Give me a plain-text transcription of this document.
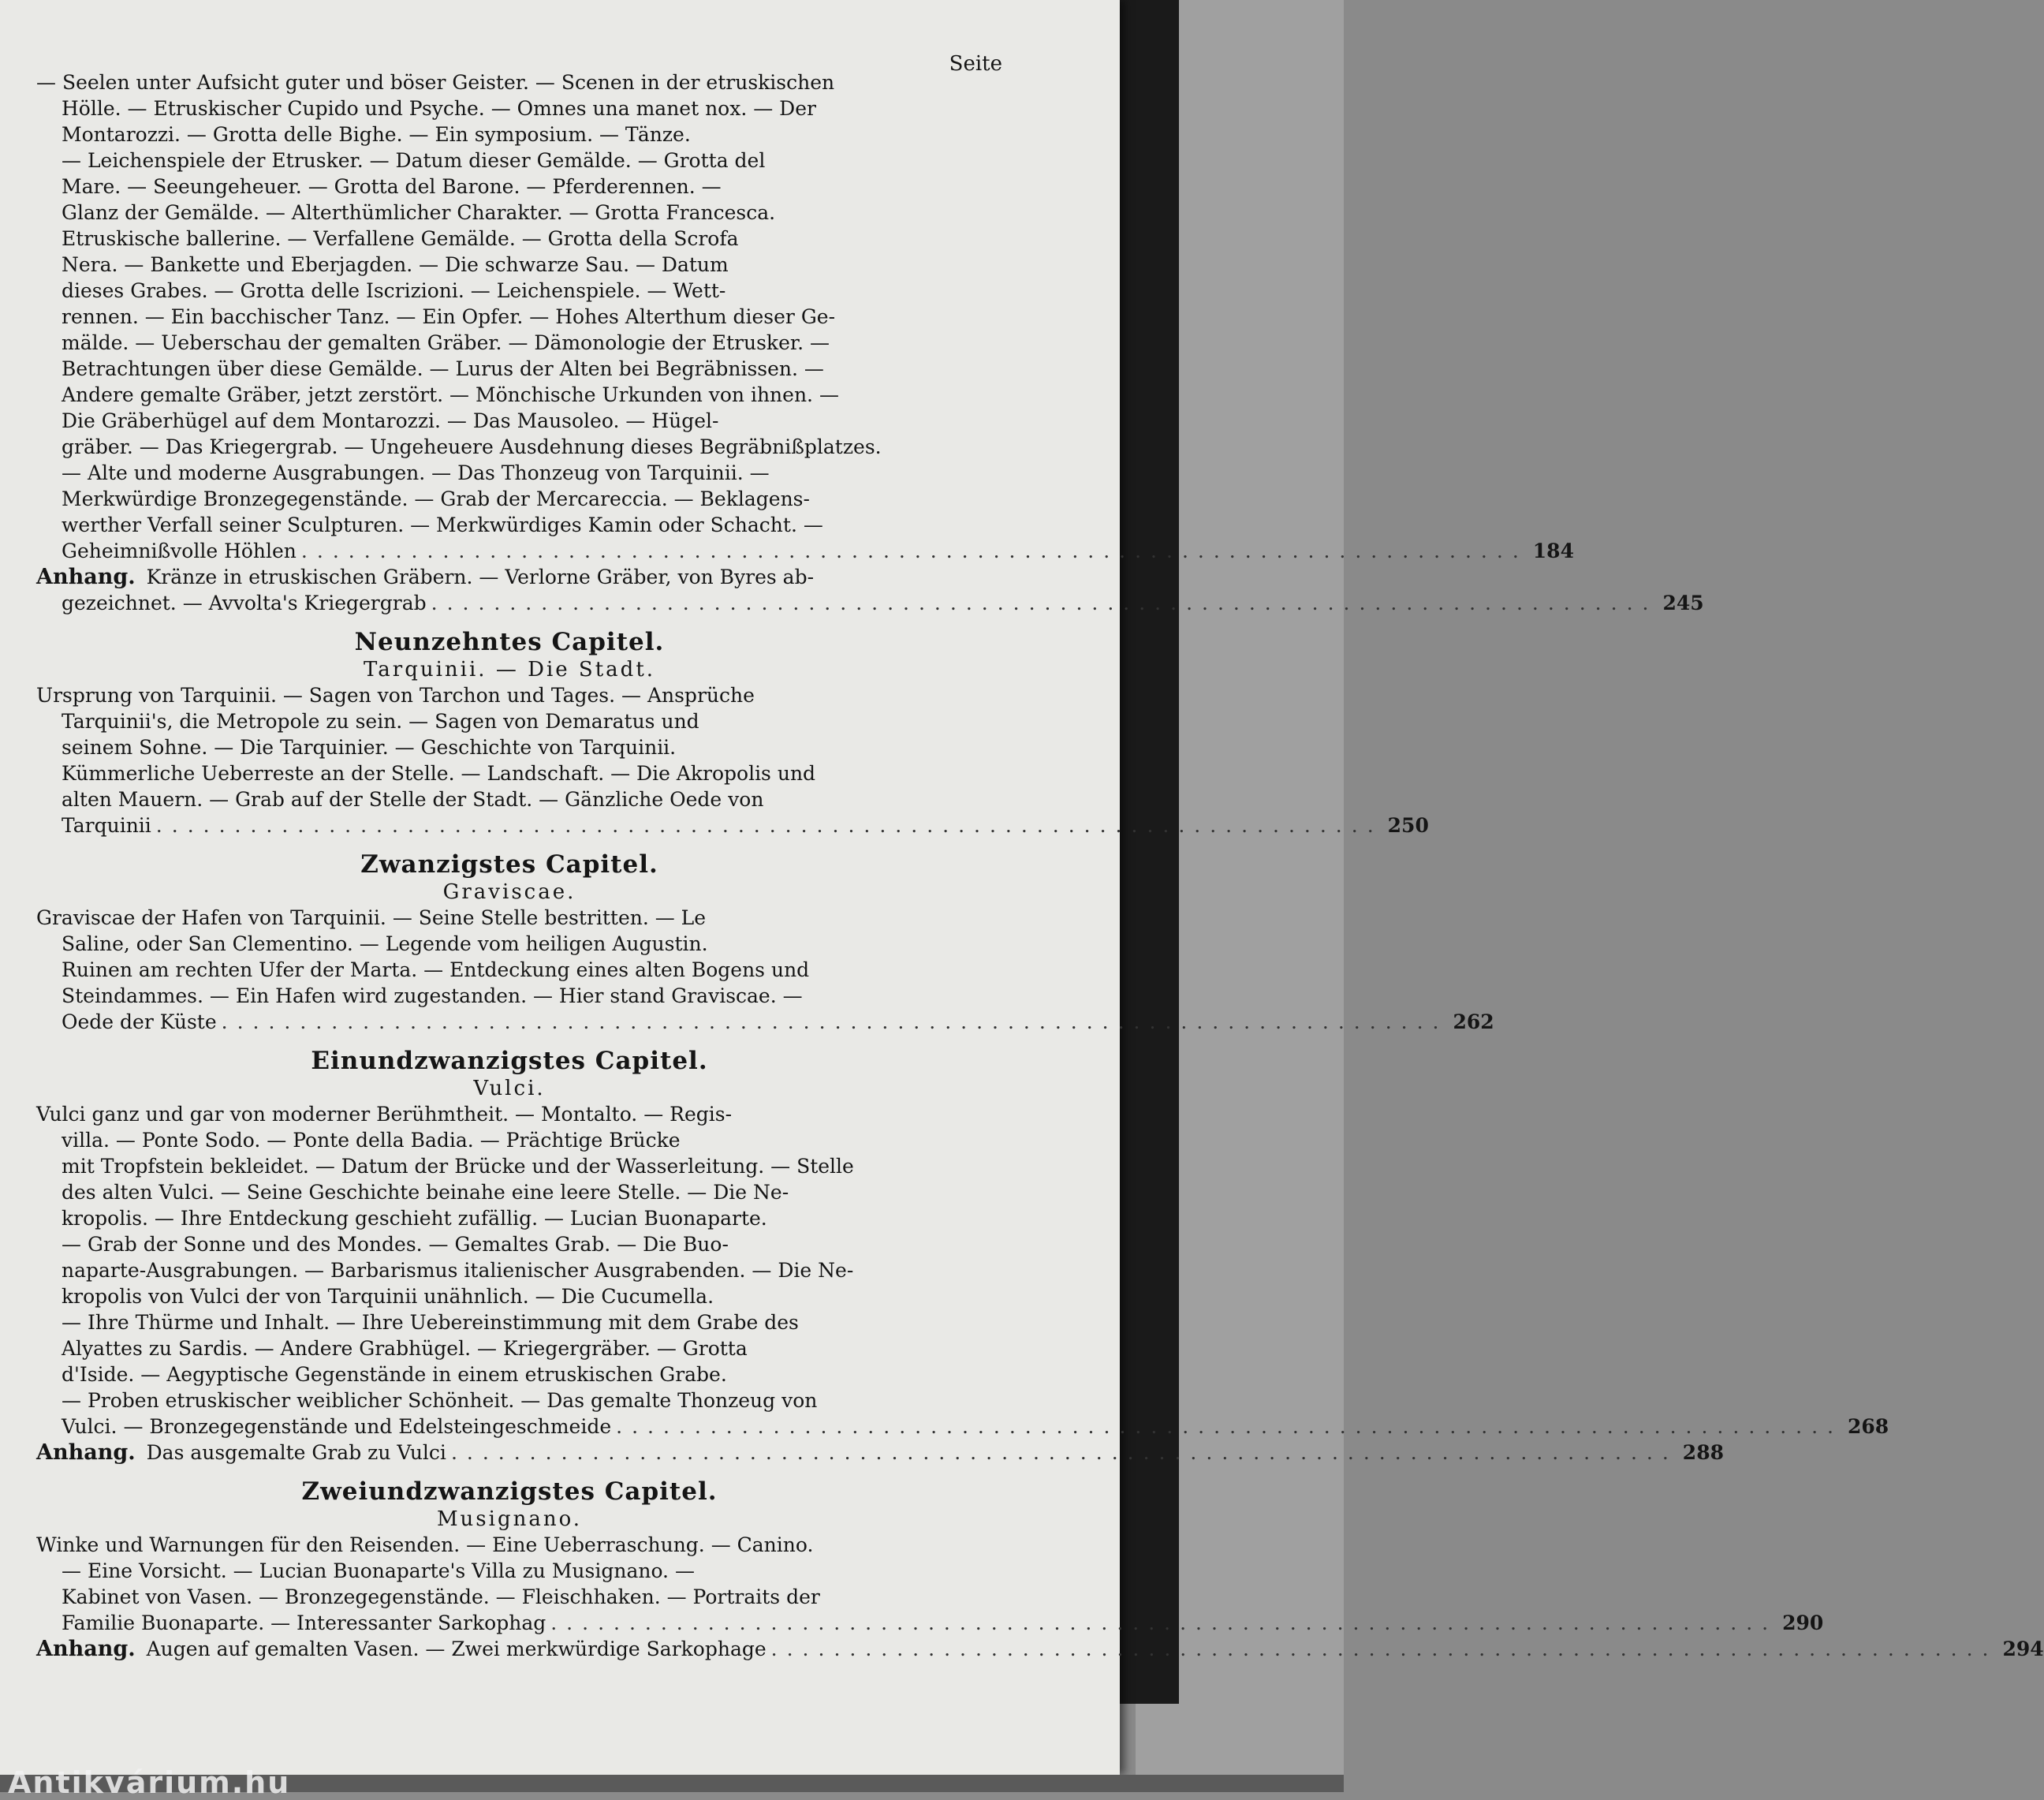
Seite
— Seelen unter Aufsicht guter und böser Geister. — Scenen in der etruskischen
Hölle. — Etruskischer Cupido und Psyche. — Omnes una manet nox. — Der
Montarozzi. — Grotta delle Bighe. — Ein symposium. — Tänze.
— Leichenspiele der Etrusker. — Datum dieser Gemälde. — Grotta del
Mare. — Seeungeheuer. — Grotta del Barone. — Pferderennen. —
Glanz der Gemälde. — Alterthümlicher Charakter. — Grotta Francesca.
Etruskische ballerine. — Verfallene Gemälde. — Grotta della Scrofa
Nera. — Bankette und Eberjagden. — Die schwarze Sau. — Datum
dieses Grabes. — Grotta delle Iscrizioni. — Leichenspiele. — Wett-
rennen. — Ein bacchischer Tanz. — Ein Opfer. — Hohes Alterthum dieser Ge-
mälde. — Ueberschau der gemalten Gräber. — Dämonologie der Etrusker. —
Betrachtungen über diese Gemälde. — Lurus der Alten bei Begräbnissen. —
Andere gemalte Gräber, jetzt zerstört. — Mönchische Urkunden von ihnen. —
Die Gräberhügel auf dem Montarozzi. — Das Mausoleo. — Hügel-
gräber. — Das Kriegergrab. — Ungeheuere Ausdehnung dieses Begräbnißplatzes.
— Alte und moderne Ausgrabungen. — Das Thonzeug von Tarquinii. —
Merkwürdige Bronzegegenstände. — Grab der Mercareccia. — Beklagens-
werther Verfall seiner Sculpturen. — Merkwürdiges Kamin oder Schacht. —
Geheimnißvolle Höhlen .............................................................................. 184
Anhang. Kränze in etruskischen Gräbern. — Verlorne Gräber, von Byres ab-
gezeichnet. — Avvolta's Kriegergrab .............................................................................. 245
Neunzehntes Capitel.
Tarquinii. — Die Stadt.
Ursprung von Tarquinii. — Sagen von Tarchon und Tages. — Ansprüche
Tarquinii's, die Metropole zu sein. — Sagen von Demaratus und
seinem Sohne. — Die Tarquinier. — Geschichte von Tarquinii.
Kümmerliche Ueberreste an der Stelle. — Landschaft. — Die Akropolis und
alten Mauern. — Grab auf der Stelle der Stadt. — Gänzliche Oede von
Tarquinii .............................................................................. 250
Zwanzigstes Capitel.
Graviscae.
Graviscae der Hafen von Tarquinii. — Seine Stelle bestritten. — Le
Saline, oder San Clementino. — Legende vom heiligen Augustin.
Ruinen am rechten Ufer der Marta. — Entdeckung eines alten Bogens und
Steindammes. — Ein Hafen wird zugestanden. — Hier stand Graviscae. —
Oede der Küste .............................................................................. 262
Einundzwanzigstes Capitel.
Vulci.
Vulci ganz und gar von moderner Berühmtheit. — Montalto. — Regis-
villa. — Ponte Sodo. — Ponte della Badia. — Prächtige Brücke
mit Tropfstein bekleidet. — Datum der Brücke und der Wasserleitung. — Stelle
des alten Vulci. — Seine Geschichte beinahe eine leere Stelle. — Die Ne-
kropolis. — Ihre Entdeckung geschieht zufällig. — Lucian Buonaparte.
— Grab der Sonne und des Mondes. — Gemaltes Grab. — Die Buo-
naparte-Ausgrabungen. — Barbarismus italienischer Ausgrabenden. — Die Ne-
kropolis von Vulci der von Tarquinii unähnlich. — Die Cucumella.
— Ihre Thürme und Inhalt. — Ihre Uebereinstimmung mit dem Grabe des
Alyattes zu Sardis. — Andere Grabhügel. — Kriegergräber. — Grotta
d'Iside. — Aegyptische Gegenstände in einem etruskischen Grabe.
— Proben etruskischer weiblicher Schönheit. — Das gemalte Thonzeug von
Vulci. — Bronzegegenstände und Edelsteingeschmeide .............................................................................. 268
Anhang. Das ausgemalte Grab zu Vulci .............................................................................. 288
Zweiundzwanzigstes Capitel.
Musignano.
Winke und Warnungen für den Reisenden. — Eine Ueberraschung. — Canino.
— Eine Vorsicht. — Lucian Buonaparte's Villa zu Musignano. —
Kabinet von Vasen. — Bronzegegenstände. — Fleischhaken. — Portraits der
Familie Buonaparte. — Interessanter Sarkophag .............................................................................. 290
Anhang. Augen auf gemalten Vasen. — Zwei merkwürdige Sarkophage .............................................................................. 294
Antikvárium.hu
